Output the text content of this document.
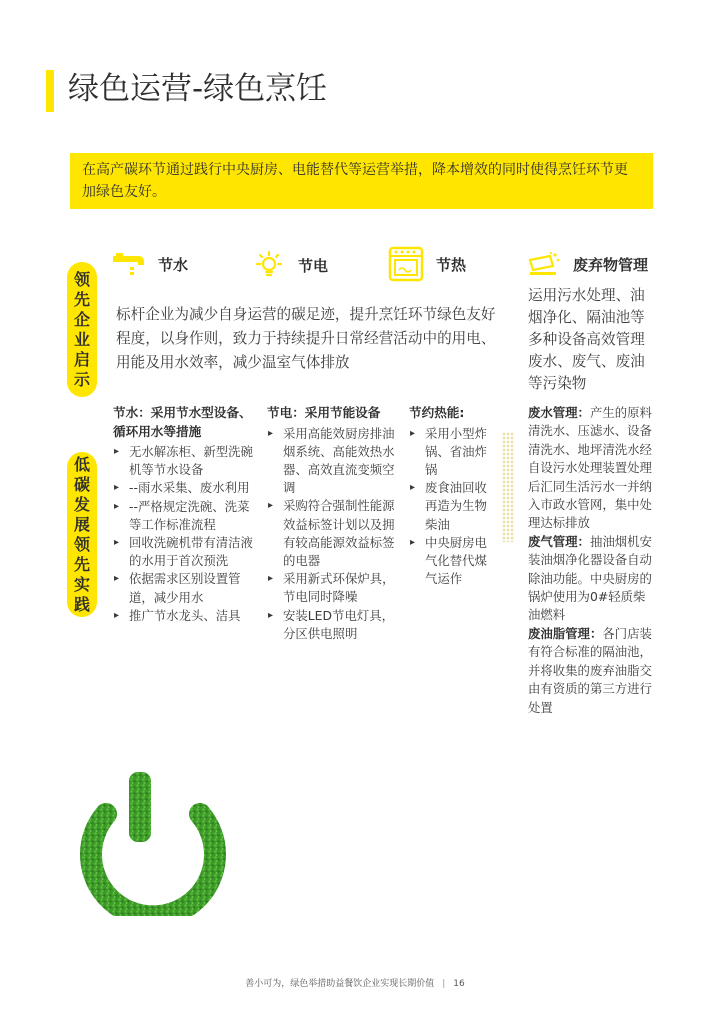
绿色运营-绿色烹饪
在高产碳环节通过践行中央厨房、电能替代等运营举措，降本增效的同时使得烹饪环节更加绿色友好。
领
先
企
业
启
示
低
碳
发
展
领
先
实
践
节水	节电	节热	废弃物管理
标杆企业为减少自身运营的碳足迹，提升烹饪环节绿色友好程度，以身作则，致力于持续提升日常经营活动中的用电、用能及用水效率，减少温室气体排放
运用污水处理、油烟净化、隔油池等多种设备高效管理废水、废气、废油等污染物
节水：采用节水型设备、循环用水等措施
▸ 无水解冻柜、新型洗碗机等节水设备
▸ --雨水采集、废水利用
▸ --严格规定洗碗、洗菜等工作标准流程
▸ 回收洗碗机带有清洁液的水用于首次预洗
▸ 依据需求区别设置管道，减少用水
▸ 推广节水龙头、洁具
节电：采用节能设备
▸ 采用高能效厨房排油烟系统、高能效热水器、高效直流变频空调
▸ 采购符合强制性能源效益标签计划以及拥有较高能源效益标签的电器
▸ 采用新式环保炉具，节电同时降噪
▸ 安装LED节电灯具，分区供电照明
节约热能:
▸ 采用小型炸锅、省油炸锅
▸ 废食油回收再造为生物柴油
▸ 中央厨房电气化替代煤气运作

废水管理：产生的原料清洗水、压滤水、设备清洗水、地坪清洗水经自设污水处理装置处理后汇同生活污水一并纳入市政水管网，集中处理达标排放

废气管理：抽油烟机安装油烟净化器设备自动除油功能。中央厨房的锅炉使用为0#轻质柴油燃料

废油脂管理：各门店装有符合标准的隔油池，并将收集的废弃油脂交由有资质的第三方进行处置

善小可为，绿色举措助益餐饮企业实现长期价值 | 16
